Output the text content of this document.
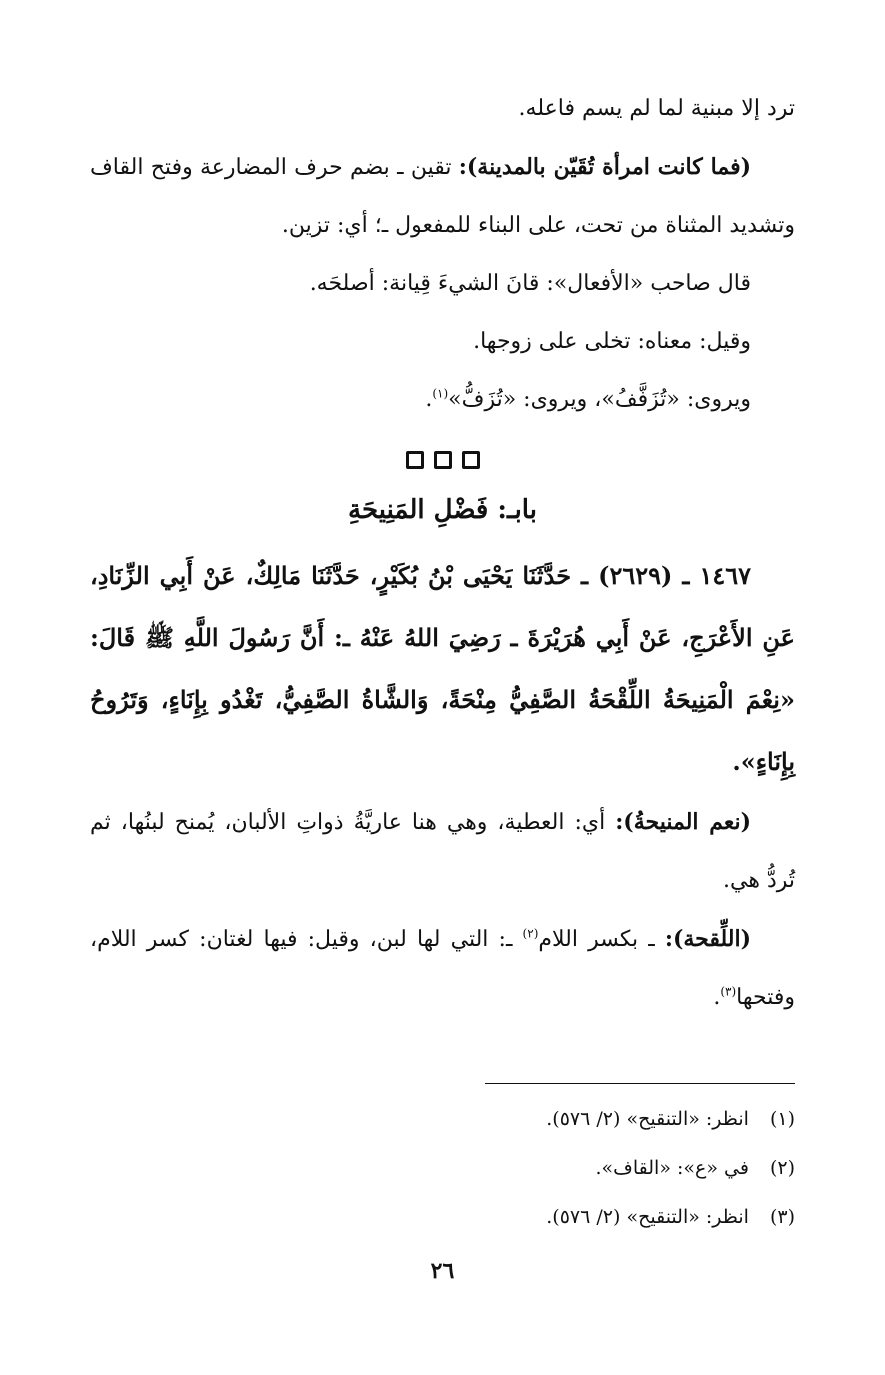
ترد إلا مبنية لما لم يسم فاعله.

(فما كانت امرأة تُقَيّن بالمدينة): تقين ـ بضم حرف المضارعة وفتح القاف وتشديد المثناة من تحت، على البناء للمفعول ـ؛ أي: تزين.

قال صاحب «الأفعال»: قانَ الشيءَ قِيانة: أصلحَه.

وقيل: معناه: تخلى على زوجها.

ويروى: «تُزَفَّفُ»، ويروى: «تُزَفُّ»$^{(١)}$.

بابـ: فَضْلِ المَنِيحَةِ

١٤٦٧ ـ (٢٦٢٩) ـ حَدَّثَنَا يَحْيَى بْنُ بُكَيْرٍ، حَدَّثَنَا مَالِكٌ، عَنْ أَبِي الزِّنَادِ، عَنِ الأَعْرَجِ، عَنْ أَبِي هُرَيْرَةَ ـ رَضِيَ اللهُ عَنْهُ ـ: أَنَّ رَسُولَ اللَّهِ ﷺ قَالَ: «نِعْمَ الْمَنِيحَةُ اللِّقْحَةُ الصَّفِيُّ مِنْحَةً، وَالشَّاةُ الصَّفِيُّ، تَغْدُو بِإِنَاءٍ، وَتَرُوحُ بِإِنَاءٍ».

(نعم المنيحةُ): أي: العطية، وهي هنا عاريَّةُ ذواتِ الألبان، يُمنح لبنُها، ثم تُردُّ هي.

(اللِّقحة): ـ بكسر اللام$^{(٢)}$ ـ: التي لها لبن، وقيل: فيها لغتان: كسر اللام، وفتحها$^{(٣)}$.

(١) انظر: «التنقيح» (٢/ ٥٧٦).
(٢) في «ع»: «القاف».
(٣) انظر: «التنقيح» (٢/ ٥٧٦).
٢٦
